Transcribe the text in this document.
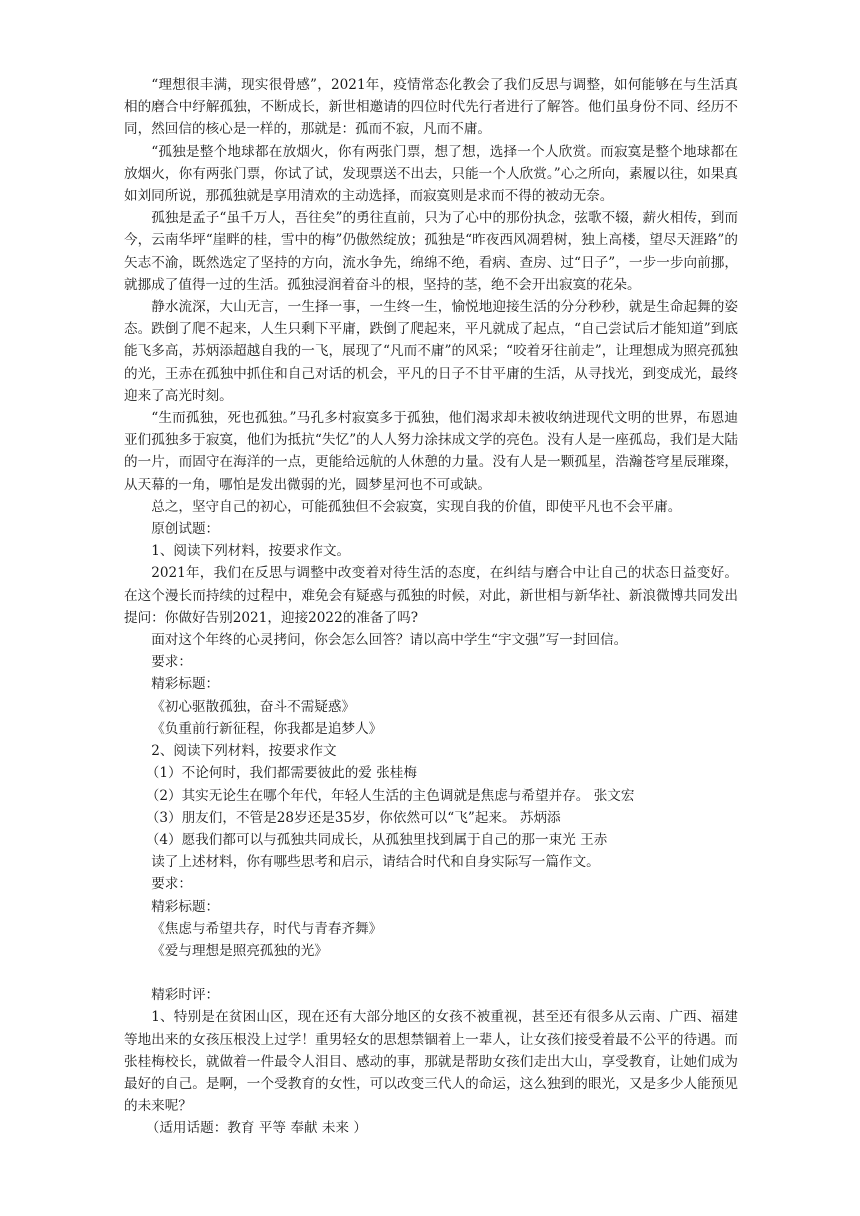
“理想很丰满，现实很骨感”，2021年，疫情常态化教会了我们反思与调整，如何能够在与生活真相的磨合中纾解孤独，不断成长，新世相邀请的四位时代先行者进行了解答。他们虽身份不同、经历不同，然回信的核心是一样的，那就是：孤而不寂，凡而不庸。

“孤独是整个地球都在放烟火，你有两张门票，想了想，选择一个人欣赏。而寂寞是整个地球都在放烟火，你有两张门票，你试了试，发现票送不出去，只能一个人欣赏。”心之所向，素履以往，如果真如刘同所说，那孤独就是享用清欢的主动选择，而寂寞则是求而不得的被动无奈。

孤独是孟子“虽千万人，吾往矣”的勇往直前，只为了心中的那份执念，弦歌不辍，薪火相传，到而今，云南华坪“崖畔的桂，雪中的梅”仍傲然绽放；孤独是“昨夜西风凋碧树，独上高楼，望尽天涯路”的矢志不渝，既然选定了坚持的方向，流水争先，绵绵不绝，看病、查房、过“日子”，一步一步向前挪，就挪成了值得一过的生活。孤独浸润着奋斗的根，坚持的茎，绝不会开出寂寞的花朵。

静水流深，大山无言，一生择一事，一生终一生，愉悦地迎接生活的分分秒秒，就是生命起舞的姿态。跌倒了爬不起来，人生只剩下平庸，跌倒了爬起来，平凡就成了起点，“自己尝试后才能知道”到底能飞多高，苏炳添超越自我的一飞，展现了“凡而不庸”的风采；“咬着牙往前走”，让理想成为照亮孤独的光，王赤在孤独中抓住和自己对话的机会，平凡的日子不甘平庸的生活，从寻找光，到变成光，最终迎来了高光时刻。

“生而孤独，死也孤独。”马孔多村寂寞多于孤独，他们渴求却未被收纳进现代文明的世界，布恩迪亚们孤独多于寂寞，他们为抵抗“失忆”的人人努力涂抹成文学的亮色。没有人是一座孤岛，我们是大陆的一片，而固守在海洋的一点，更能给远航的人休憩的力量。没有人是一颗孤星，浩瀚苍穹星辰璀璨，从天幕的一角，哪怕是发出微弱的光，圆梦星河也不可或缺。

总之，坚守自己的初心，可能孤独但不会寂寞，实现自我的价值，即使平凡也不会平庸。

原创试题：

1、阅读下列材料，按要求作文。

2021年，我们在反思与调整中改变着对待生活的态度，在纠结与磨合中让自己的状态日益变好。在这个漫长而持续的过程中，难免会有疑惑与孤独的时候，对此，新世相与新华社、新浪微博共同发出提问：你做好告别2021，迎接2022的准备了吗?

面对这个年终的心灵拷问，你会怎么回答？请以高中学生“宇文强”写一封回信。

要求：

精彩标题：

《初心驱散孤独，奋斗不需疑惑》

《负重前行新征程，你我都是追梦人》

2、阅读下列材料，按要求作文

（1）不论何时，我们都需要彼此的爱 张桂梅

（2）其实无论生在哪个年代，年轻人生活的主色调就是焦虑与希望并存。 张文宏

（3）朋友们，不管是28岁还是35岁，你依然可以“飞”起来。 苏炳添

（4）愿我们都可以与孤独共同成长，从孤独里找到属于自己的那一束光 王赤

读了上述材料，你有哪些思考和启示，请结合时代和自身实际写一篇作文。

要求：

精彩标题：

《焦虑与希望共存，时代与青春齐舞》

《爱与理想是照亮孤独的光》

精彩时评：

1、特别是在贫困山区，现在还有大部分地区的女孩不被重视，甚至还有很多从云南、广西、福建等地出来的女孩压根没上过学！重男轻女的思想禁锢着上一辈人，让女孩们接受着最不公平的待遇。而张桂梅校长，就做着一件最令人泪目、感动的事，那就是帮助女孩们走出大山，享受教育，让她们成为最好的自己。是啊，一个受教育的女性，可以改变三代人的命运，这么独到的眼光，又是多少人能预见的未来呢？

（适用话题：教育 平等 奉献 未来 ）
